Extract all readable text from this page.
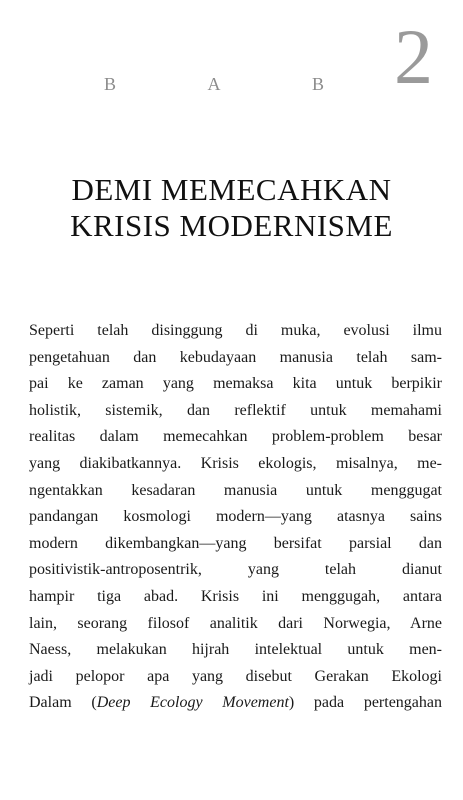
B	A	B 2
DEMI MEMECAHKAN
KRISIS MODERNISME
Seperti telah disinggung di muka, evolusi ilmu
pengetahuan dan kebudayaan manusia telah sam-
pai ke zaman yang memaksa kita untuk berpikir
holistik, sistemik, dan reflektif untuk memahami
realitas dalam memecahkan problem-problem besar
yang diakibatkannya. Krisis ekologis, misalnya, me-
ngentakkan kesadaran manusia untuk menggugat
pandangan kosmologi modern—yang atasnya sains
modern dikembangkan—yang bersifat parsial dan
positivistik-antroposentrik, yang telah dianut
hampir tiga abad. Krisis ini menggugah, antara
lain, seorang filosof analitik dari Norwegia, Arne
Naess, melakukan hijrah intelektual untuk men-
jadi pelopor apa yang disebut Gerakan Ekologi
Dalam (Deep Ecology Movement) pada pertengahan
